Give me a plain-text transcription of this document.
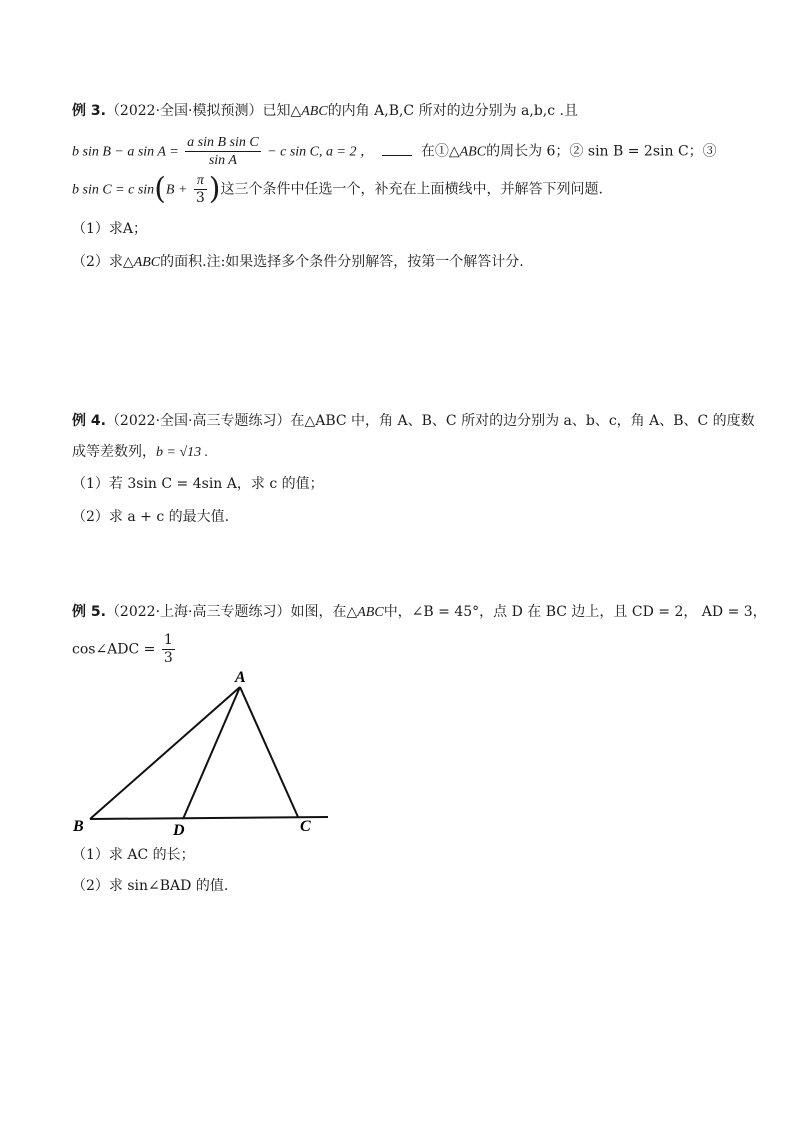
例 3.（2022·全国·模拟预测）已知△ABC的内角 A,B,C 所对的边分别为 a,b,c .且
b sin B − a $\sin A = \frac{\text{a sin B sin C}}{\text{sin A}} - c$ sin C, a = 2 ，	在①△ABC的周长为 6；② sin B = 2sin C；③
b sin C = c $\sin(B + \frac{\pi}{3}$ )这三个条件中任选一个，补充在上面横线中，并解答下列问题.
（1）求A；
（2）求△ABC的面积.注:如果选择多个条件分别解答，按第一个解答计分.
例 4.（2022·全国·高三专题练习）在△ABC 中，角 A、B、C 所对的边分别为 a、b、c，角 A、B、C 的度数
成等差数列，b = √13 .
（1）若 3sin C = 4sin A，求 c 的值；
（2）求 a + c 的最大值.
例 5.（2022·上海·高三专题练习）如图，在△ABC中，∠B = 45°，点 D 在 BC 边上，且 CD = 2， AD = 3，
cos∠ADC = $\frac{1}{3}$
A
B	D	C
（1）求 AC 的长；
（2）求 sin∠BAD 的值.
